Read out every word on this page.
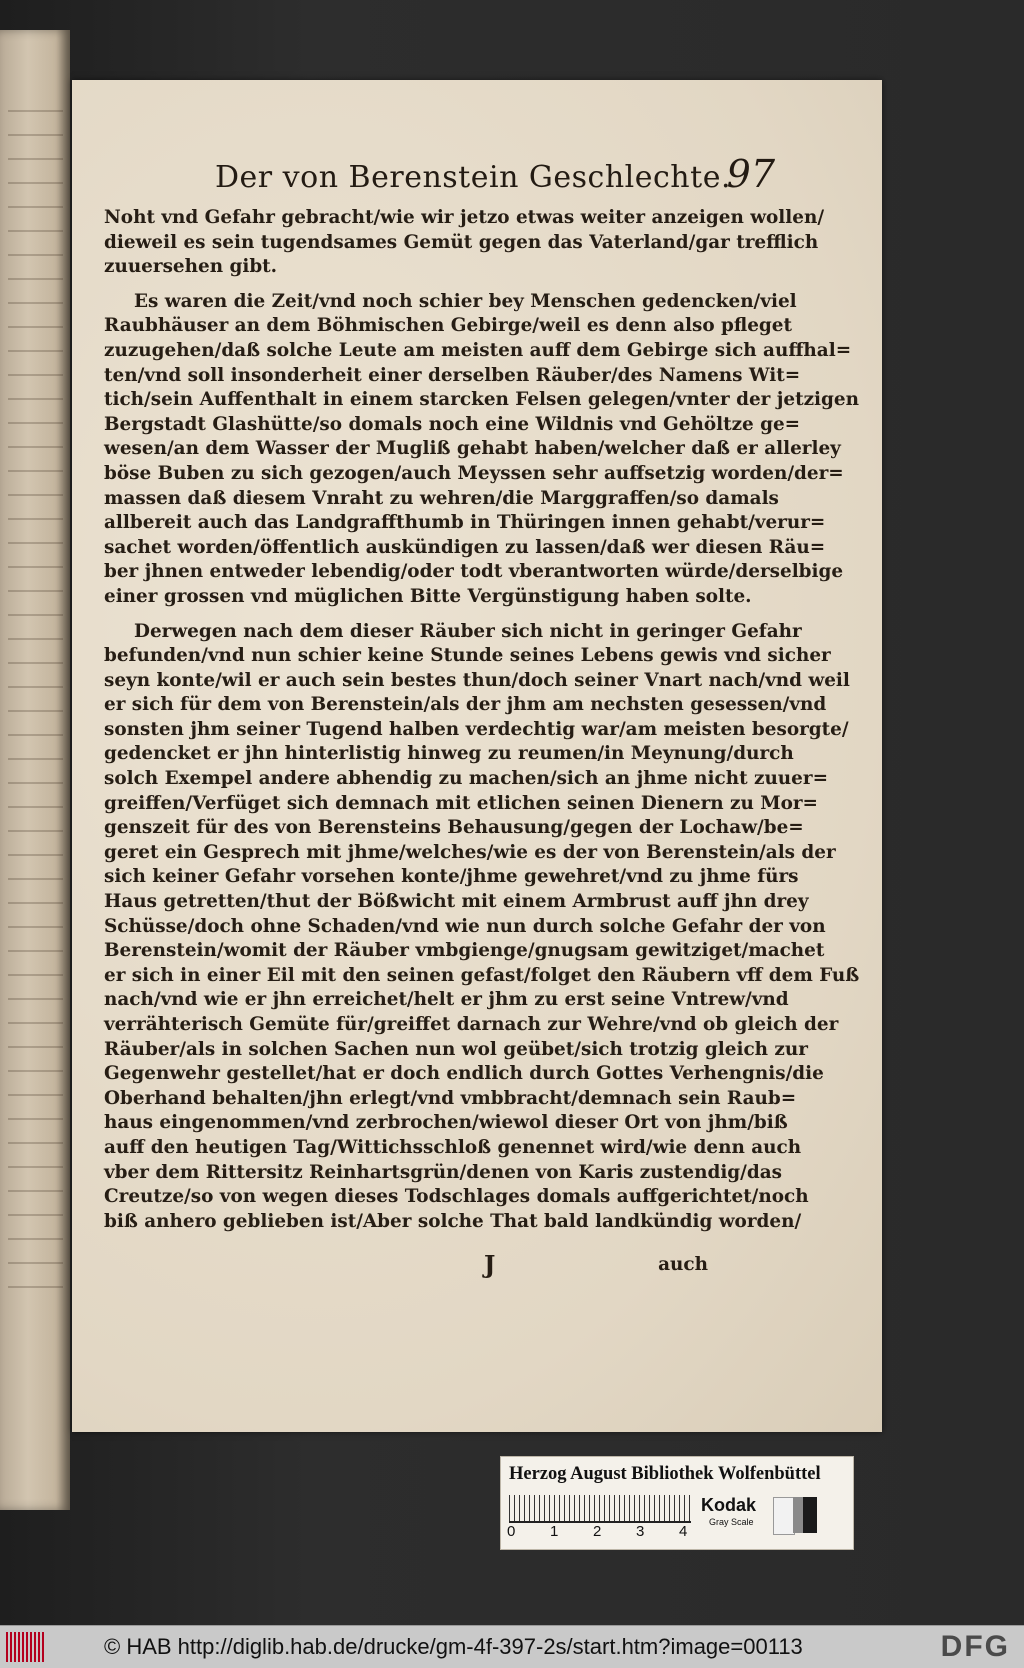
Der von Berenstein Geschlechte.
97
Noht vnd Gefahr gebracht/wie wir jetzo etwas weiter anzeigen wollen/
dieweil es sein tugendsames Gemüt gegen das Vaterland/gar trefflich
zuuersehen gibt.
Es waren die Zeit/vnd noch schier bey Menschen gedencken/viel
Raubhäuser an dem Böhmischen Gebirge/weil es denn also pfleget
zuzugehen/daß solche Leute am meisten auff dem Gebirge sich auffhal=
ten/vnd soll insonderheit einer derselben Räuber/des Namens Wit=
tich/sein Auffenthalt in einem starcken Felsen gelegen/vnter der jetzigen
Bergstadt Glashütte/so domals noch eine Wildnis vnd Gehöltze ge=
wesen/an dem Wasser der Mugliß gehabt haben/welcher daß er allerley
böse Buben zu sich gezogen/auch Meyssen sehr auffsetzig worden/der=
massen daß diesem Vnraht zu wehren/die Marggraffen/so damals
allbereit auch das Landgraffthumb in Thüringen innen gehabt/verur=
sachet worden/öffentlich auskündigen zu lassen/daß wer diesen Räu=
ber jhnen entweder lebendig/oder todt vberantworten würde/derselbige
einer grossen vnd müglichen Bitte Vergünstigung haben solte.
Derwegen nach dem dieser Räuber sich nicht in geringer Gefahr
befunden/vnd nun schier keine Stunde seines Lebens gewis vnd sicher
seyn konte/wil er auch sein bestes thun/doch seiner Vnart nach/vnd weil
er sich für dem von Berenstein/als der jhm am nechsten gesessen/vnd
sonsten jhm seiner Tugend halben verdechtig war/am meisten besorgte/
gedencket er jhn hinterlistig hinweg zu reumen/in Meynung/durch
solch Exempel andere abhendig zu machen/sich an jhme nicht zuuer=
greiffen/Verfüget sich demnach mit etlichen seinen Dienern zu Mor=
genszeit für des von Berensteins Behausung/gegen der Lochaw/be=
geret ein Gesprech mit jhme/welches/wie es der von Berenstein/als der
sich keiner Gefahr vorsehen konte/jhme gewehret/vnd zu jhme fürs
Haus getretten/thut der Bößwicht mit einem Armbrust auff jhn drey
Schüsse/doch ohne Schaden/vnd wie nun durch solche Gefahr der von
Berenstein/womit der Räuber vmbgienge/gnugsam gewitziget/machet
er sich in einer Eil mit den seinen gefast/folget den Räubern vff dem Fuß
nach/vnd wie er jhn erreichet/helt er jhm zu erst seine Vntrew/vnd
verrähterisch Gemüte für/greiffet darnach zur Wehre/vnd ob gleich der
Räuber/als in solchen Sachen nun wol geübet/sich trotzig gleich zur
Gegenwehr gestellet/hat er doch endlich durch Gottes Verhengnis/die
Oberhand behalten/jhn erlegt/vnd vmbbracht/demnach sein Raub=
haus eingenommen/vnd zerbrochen/wiewol dieser Ort von jhm/biß
auff den heutigen Tag/Wittichsschloß genennet wird/wie denn auch
vber dem Rittersitz Reinhartsgrün/denen von Karis zustendig/das
Creutze/so von wegen dieses Todschlages domals auffgerichtet/noch
biß anhero geblieben ist/Aber solche That bald landkündig worden/
J	auch
Herzog August Bibliothek Wolfenbüttel
0 1 2 3 4
Kodak
Gray Scale
© HAB http://diglib.hab.de/drucke/gm-4f-397-2s/start.htm?image=00113	DFG
